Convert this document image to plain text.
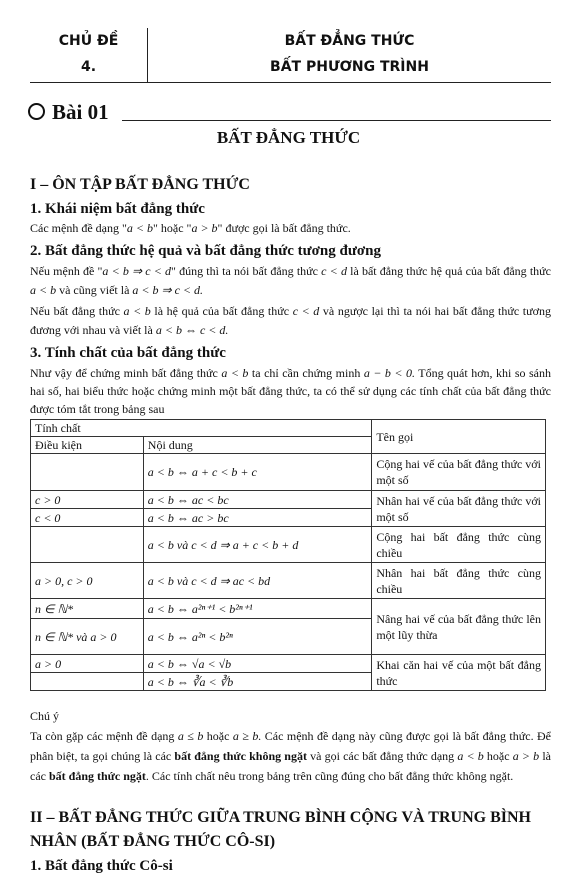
CHỦ ĐỀ
4.
BẤT ĐẲNG THỨC
BẤT PHƯƠNG TRÌNH
Bài 01
BẤT ĐẲNG THỨC
I – ÔN TẬP BẤT ĐẲNG THỨC
1. Khái niệm bất đẳng thức
Các mệnh đề dạng "a < b" hoặc "a > b" được gọi là bất đẳng thức.
2. Bất đẳng thức hệ quả và bất đẳng thức tương đương
Nếu mệnh đề "a < b ⇒ c < d" đúng thì ta nói bất đẳng thức c < d là bất đẳng thức hệ quả của bất đẳng thức a < b và cũng viết là a < b ⇒ c < d.
Nếu bất đẳng thức a < b là hệ quả của bất đẳng thức c < d và ngược lại thì ta nói hai bất đẳng thức tương đương với nhau và viết là a < b ⇔ c < d.
3. Tính chất của bất đẳng thức
Như vậy để chứng minh bất đẳng thức a < b ta chỉ cần chứng minh a − b < 0. Tổng quát hơn, khi so sánh hai số, hai biểu thức hoặc chứng minh một bất đẳng thức, ta có thể sử dụng các tính chất của bất đẳng thức được tóm tắt trong bảng sau
Tính chất		Tên gọi
Điều kiện	Nội dung	
	a < b ⇔ a + c < b + c	Cộng hai vế của bất đẳng thức với một số
c > 0	a < b ⇔ ac < bc	Nhân hai vế của bất đẳng thức với một số
c < 0	a < b ⇔ ac > bc	
	a < b và c < d ⇒ a + c < b + d	Cộng hai bất đẳng thức cùng chiều
a > 0, c > 0	a < b và c < d ⇒ ac < bd	Nhân hai bất đẳng thức cùng chiều
n ∈ ℕ*	a < b ⇔ a²ⁿ⁺¹ < b²ⁿ⁺¹	Nâng hai vế của bất đẳng thức lên một lũy thừa
n ∈ ℕ* và a > 0	a < b ⇔ a²ⁿ < b²ⁿ	
a > 0	a < b ⇔ √a < √b	Khai căn hai vế của một bất đẳng thức
	a < b ⇔ ∛a < ∛b	
Chú ý
Ta còn gặp các mệnh đề dạng a ≤ b hoặc a ≥ b. Các mệnh đề dạng này cũng được gọi là bất đẳng thức. Để phân biệt, ta gọi chúng là các bất đẳng thức không ngặt và gọi các bất đẳng thức dạng a < b hoặc a > b là các bất đẳng thức ngặt. Các tính chất nêu trong bảng trên cũng đúng cho bất đẳng thức không ngặt.
II – BẤT ĐẲNG THỨC GIỮA TRUNG BÌNH CỘNG VÀ TRUNG BÌNH NHÂN (BẤT ĐẲNG THỨC CÔ-SI)
1. Bất đẳng thức Cô-si
